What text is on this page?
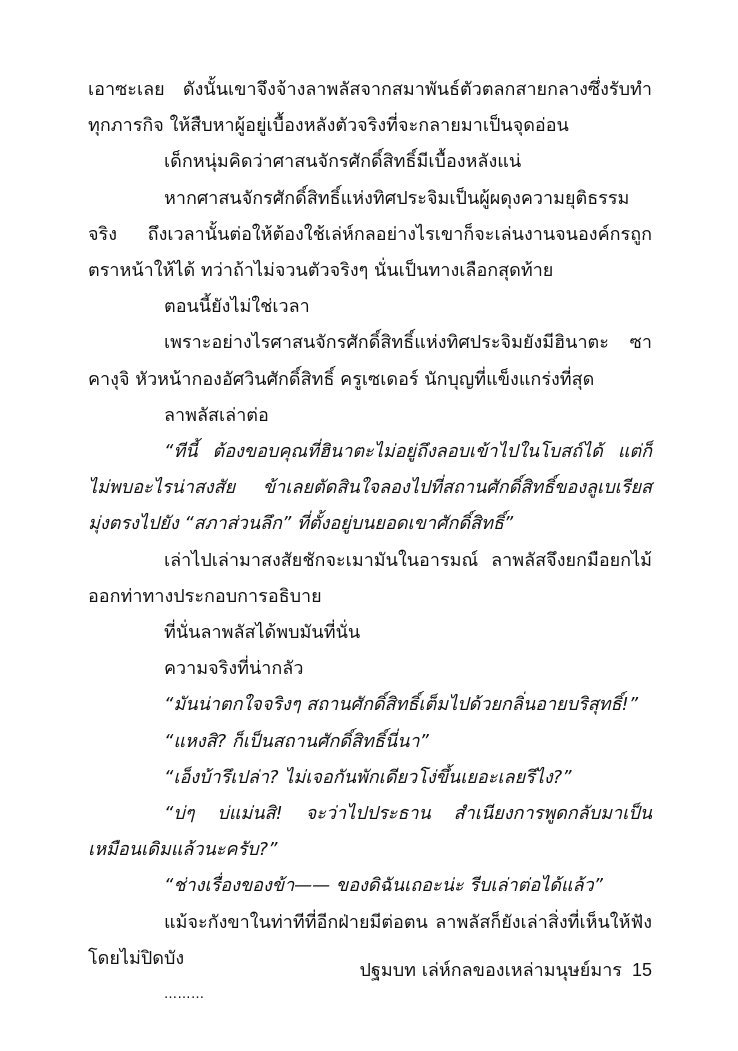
เอาซะเลย ดังนั้นเขาจึงจ้างลาพลัสจากสมาพันธ์ตัวตลกสายกลางซึ่งรับทำทุกภารกิจ ให้สืบหาผู้อยู่เบื้องหลังตัวจริงที่จะกลายมาเป็นจุดอ่อน

เด็กหนุ่มคิดว่าศาสนจักรศักดิ์สิทธิ์มีเบื้องหลังแน่

หากศาสนจักรศักดิ์สิทธิ์แห่งทิศประจิมเป็นผู้ผดุงความยุติธรรมจริง ถึงเวลานั้นต่อให้ต้องใช้เล่ห์กลอย่างไรเขาก็จะเล่นงานจนองค์กรถูกตราหน้าให้ได้ ทว่าถ้าไม่จวนตัวจริงๆ นั่นเป็นทางเลือกสุดท้าย

ตอนนี้ยังไม่ใช่เวลา

เพราะอย่างไรศาสนจักรศักดิ์สิทธิ์แห่งทิศประจิมยังมีฮินาตะ ซาคางุจิ หัวหน้ากองอัศวินศักดิ์สิทธิ์ ครูเซเดอร์ นักบุญที่แข็งแกร่งที่สุด

ลาพลัสเล่าต่อ

“ทีนี้ ต้องขอบคุณที่ฮินาตะไม่อยู่ถึงลอบเข้าไปในโบสถ์ได้ แต่ก็ไม่พบอะไรน่าสงสัย ข้าเลยตัดสินใจลองไปที่สถานศักดิ์สิทธิ์ของลูเบเรียส มุ่งตรงไปยัง “สภาส่วนลึก” ที่ตั้งอยู่บนยอดเขาศักดิ์สิทธิ์”

เล่าไปเล่ามาสงสัยชักจะเมามันในอารมณ์ ลาพลัสจึงยกมือยกไม้ออกท่าทางประกอบการอธิบาย

ที่นั่นลาพลัสได้พบมันที่นั่น

ความจริงที่น่ากลัว

“มันน่าตกใจจริงๆ สถานศักดิ์สิทธิ์เต็มไปด้วยกลิ่นอายบริสุทธิ์!”

“แหงสิ? ก็เป็นสถานศักดิ์สิทธิ์นี่นา”

“เอ็งบ้ารึเปล่า? ไม่เจอกันพักเดียวโง่ขึ้นเยอะเลยรึไง?”

“บ่ๆ บ่แม่นสิ! จะว่าไปประธาน สำเนียงการพูดกลับมาเป็นเหมือนเดิมแล้วนะครับ?”

“ช่างเรื่องของข้า—— ของดิฉันเถอะน่ะ รีบเล่าต่อได้แล้ว”

แม้จะกังขาในท่าทีที่อีกฝ่ายมีต่อตน ลาพลัสก็ยังเล่าสิ่งที่เห็นให้ฟังโดยไม่ปิดบัง

………

ปฐมบท เล่ห์กลของเหล่ามนุษย์มาร 15
